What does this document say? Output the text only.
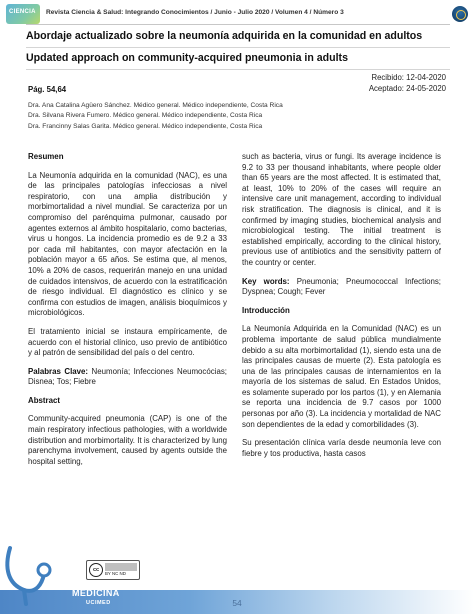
CIENCIA Revista Ciencia & Salud: Integrando Conocimientos / Junio - Julio 2020 / Volumen 4 / Número 3
Abordaje actualizado sobre la neumonía adquirida en la comunidad en adultos
Updated approach on community-acquired pneumonia in adults
Recibido: 12-04-2020
Aceptado: 24-05-2020
Pág. 54,64
Dra. Ana Catalina Agüero Sánchez. Médico general. Médico independiente, Costa Rica
Dra. Silvana Rivera Fumero. Médico general. Médico independiente, Costa Rica
Dra. Francinny Salas Garita. Médico general. Médico independiente, Costa Rica
Resumen

La Neumonía adquirida en la comunidad (NAC), es una de las principales patologías infecciosas a nivel respiratorio, con una amplia distribución y morbimortalidad a nivel mundial. Se caracteriza por un compromiso del parénquima pulmonar, causado por agentes externos al ámbito hospitalario, como bacterias, virus u hongos. La incidencia promedio es de 9.2 a 33 por cada mil habitantes, con mayor afectación en la población mayor a 65 años. Se estima que, al menos, 10% a 20% de casos, requerirán manejo en una unidad de cuidados intensivos, de acuerdo con la estratificación de riesgo individual. El diagnóstico es clínico y se confirma con estudios de imagen, análisis bioquímicos y microbiológicos.

El tratamiento inicial se instaura empíricamente, de acuerdo con el historial clínico, uso previo de antibiótico y al patrón de sensibilidad del país o del centro.

Palabras Clave: Neumonía; Infecciones Neumocócias; Disnea; Tos; Fiebre

Abstract

Community-acquired pneumonia (CAP) is one of the main respiratory infectious pathologies, with a worldwide distribution and morbimortality. It is characterized by lung parenchyma involvement, caused by agents outside the hospital setting,

such as bacteria, virus or fungi. Its average incidence is 9.2 to 33 per thousand inhabitants, where people older than 65 years are the most affected. It is estimated that, at least, 10% to 20% of the cases will require an intensive care unit management, according to individual risk stratification. The diagnosis is clinical, and it is confirmed by imaging studies, biochemical analysis and microbiological testing. The initial treatment is established empirically, according to the clinical history, previous use of antibiotics and the sensitivity pattern of the country or center.

Key words: Pneumonia; Pneumococcal Infections; Dyspnea; Cough; Fever

Introducción

La Neumonía Adquirida en la Comunidad (NAC) es un problema importante de salud pública mundialmente debido a su alta morbimortalidad (1), siendo esta una de las principales causas de muerte (2). Esta patología es una de las principales causas de internamientos en la mayoría de los sistemas de salud. En Estados Unidos, es solamente superado por los partos (1), y en Alemania se reporta una incidencia de 9.7 casos por 1000 personas por año (3). La incidencia y mortalidad de NAC son dependientes de la edad y comorbilidades (3).

Su presentación clínica varía desde neumonía leve con fiebre y tos productiva, hasta casos

cc
BY NC ND
MEDICINA
UCIMED	54
